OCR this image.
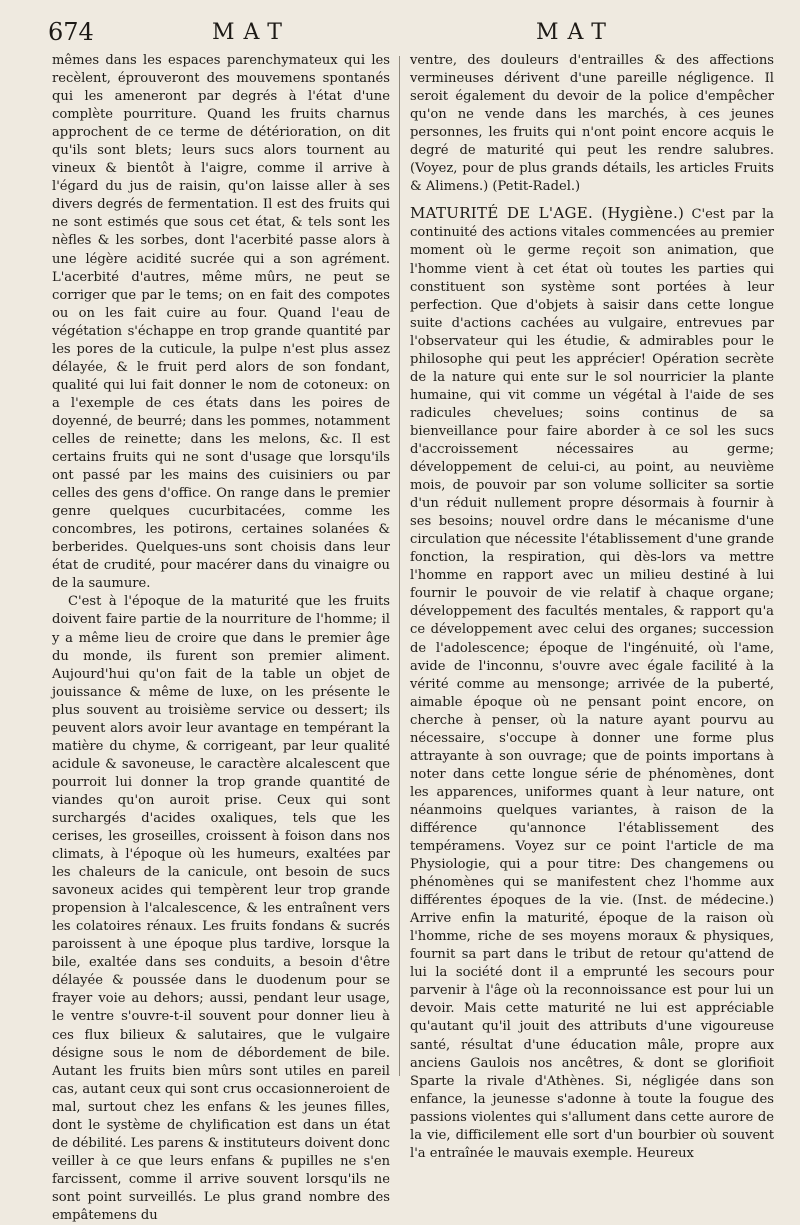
674	MAT	MAT

mêmes dans les espaces parenchymateux qui les recèlent, éprouveront des mouvemens spontanés qui les ameneront par degrés à l'état d'une complète pourriture. Quand les fruits charnus approchent de ce terme de détérioration, on dit qu'ils sont blets; leurs sucs alors tournent au vineux & bientôt à l'aigre, comme il arrive à l'égard du jus de raisin, qu'on laisse aller à ses divers degrés de fermentation. Il est des fruits qui ne sont estimés que sous cet état, & tels sont les nèfles & les sorbes, dont l'acerbité passe alors à une légère acidité sucrée qui a son agrément. L'acerbité d'autres, même mûrs, ne peut se corriger que par le tems; on en fait des compotes ou on les fait cuire au four. Quand l'eau de végétation s'échappe en trop grande quantité par les pores de la cuticule, la pulpe n'est plus assez délayée, & le fruit perd alors de son fondant, qualité qui lui fait donner le nom de cotoneux: on a l'exemple de ces états dans les poires de doyenné, de beurré; dans les pommes, notamment celles de reinette; dans les melons, &c. Il est certains fruits qui ne sont d'usage que lorsqu'ils ont passé par les mains des cuisiniers ou par celles des gens d'office. On range dans le premier genre quelques cucurbitacées, comme les concombres, les potirons, certaines solanées & berberides. Quelques-uns sont choisis dans leur état de crudité, pour macérer dans du vinaigre ou de la saumure.

C'est à l'époque de la maturité que les fruits doivent faire partie de la nourriture de l'homme; il y a même lieu de croire que dans le premier âge du monde, ils furent son premier aliment. Aujourd'hui qu'on fait de la table un objet de jouissance & même de luxe, on les présente le plus souvent au troisième service ou dessert; ils peuvent alors avoir leur avantage en tempérant la matière du chyme, & corrigeant, par leur qualité acidule & savoneuse, le caractère alcalescent que pourroit lui donner la trop grande quantité de viandes qu'on auroit prise. Ceux qui sont surchargés d'acides oxaliques, tels que les cerises, les groseilles, croissent à foison dans nos climats, à l'époque où les humeurs, exaltées par les chaleurs de la canicule, ont besoin de sucs savoneux acides qui tempèrent leur trop grande propension à l'alcalescence, & les entraînent vers les colatoires rénaux. Les fruits fondans & sucrés paroissent à une époque plus tardive, lorsque la bile, exaltée dans ses conduits, a besoin d'être délayée & poussée dans le duodenum pour se frayer voie au dehors; aussi, pendant leur usage, le ventre s'ouvre-t-il souvent pour donner lieu à ces flux bilieux & salutaires, que le vulgaire désigne sous le nom de débordement de bile. Autant les fruits bien mûrs sont utiles en pareil cas, autant ceux qui sont crus occasionneroient de mal, surtout chez les enfans & les jeunes filles, dont le système de chylification est dans un état de débilité. Les parens & instituteurs doivent donc veiller à ce que leurs enfans & pupilles ne s'en farcissent, comme il arrive souvent lorsqu'ils ne sont point surveillés. Le plus grand nombre des empâtemens du

ventre, des douleurs d'entrailles & des affections vermineuses dérivent d'une pareille négligence. Il seroit également du devoir de la police d'empêcher qu'on ne vende dans les marchés, à ces jeunes personnes, les fruits qui n'ont point encore acquis le degré de maturité qui peut les rendre salubres. (Voyez, pour de plus grands détails, les articles Fruits & Alimens.) (Petit-Radel.)

MATURITÉ DE L'AGE. (Hygiène.) C'est par la continuité des actions vitales commencées au premier moment où le germe reçoit son animation, que l'homme vient à cet état où toutes les parties qui constituent son système sont portées à leur perfection. Que d'objets à saisir dans cette longue suite d'actions cachées au vulgaire, entrevues par l'observateur qui les étudie, & admirables pour le philosophe qui peut les apprécier! Opération secrète de la nature qui ente sur le sol nourricier la plante humaine, qui vit comme un végétal à l'aide de ses radicules chevelues; soins continus de sa bienveillance pour faire aborder à ce sol les sucs d'accroissement nécessaires au germe; développement de celui-ci, au point, au neuvième mois, de pouvoir par son volume solliciter sa sortie d'un réduit nullement propre désormais à fournir à ses besoins; nouvel ordre dans le mécanisme d'une circulation que nécessite l'établissement d'une grande fonction, la respiration, qui dès-lors va mettre l'homme en rapport avec un milieu destiné à lui fournir le pouvoir de vie relatif à chaque organe; développement des facultés mentales, & rapport qu'a ce développement avec celui des organes; succession de l'adolescence; époque de l'ingénuité, où l'ame, avide de l'inconnu, s'ouvre avec égale facilité à la vérité comme au mensonge; arrivée de la puberté, aimable époque où ne pensant point encore, on cherche à penser, où la nature ayant pourvu au nécessaire, s'occupe à donner une forme plus attrayante à son ouvrage; que de points importans à noter dans cette longue série de phénomènes, dont les apparences, uniformes quant à leur nature, ont néanmoins quelques variantes, à raison de la différence qu'annonce l'établissement des tempéramens. Voyez sur ce point l'article de ma Physiologie, qui a pour titre: Des changemens ou phénomènes qui se manifestent chez l'homme aux différentes époques de la vie. (Inst. de médecine.) Arrive enfin la maturité, époque de la raison où l'homme, riche de ses moyens moraux & physiques, fournit sa part dans le tribut de retour qu'attend de lui la société dont il a emprunté les secours pour parvenir à l'âge où la reconnoissance est pour lui un devoir. Mais cette maturité ne lui est appréciable qu'autant qu'il jouit des attributs d'une vigoureuse santé, résultat d'une éducation mâle, propre aux anciens Gaulois nos ancêtres, & dont se glorifioit Sparte la rivale d'Athènes. Si, négligée dans son enfance, la jeunesse s'adonne à toute la fougue des passions violentes qui s'allument dans cette aurore de la vie, difficilement elle sort d'un bourbier où souvent l'a entraînée le mauvais exemple. Heureux
